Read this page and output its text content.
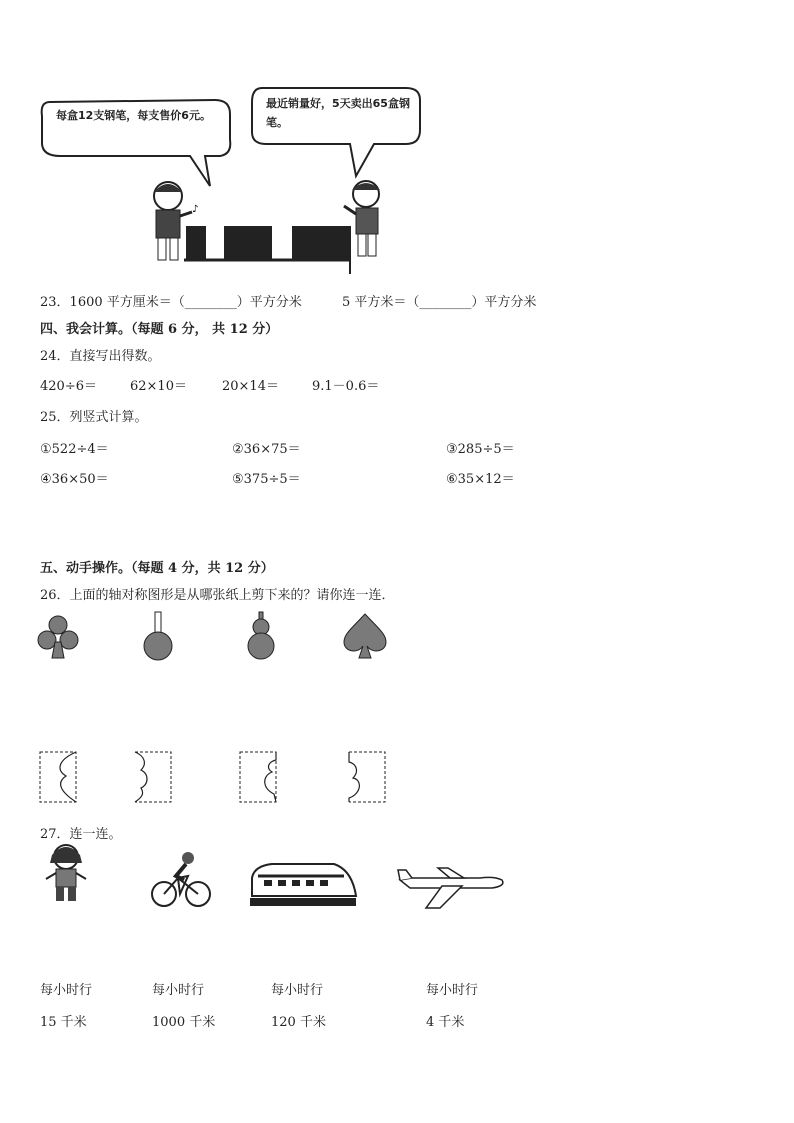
每盒12支钢笔，每支售价6元。
最近销量好，5天卖出65盒钢笔。
♪
23．1600 平方厘米＝（________）平方分米	5 平方米＝（________）平方分米
四、我会计算。（每题 6 分， 共 12 分）
24．直接写出得数。
420÷6＝	62×10＝	20×14＝	9.1－0.6＝
25．列竖式计算。
①522÷4＝	②36×75＝	③285÷5＝
④36×50＝	⑤375÷5＝	⑥35×12＝
五、动手操作。（每题 4 分，共 12 分）
26．上面的轴对称图形是从哪张纸上剪下来的？请你连一连．
27．连一连。
每小时行
15 千米
每小时行
1000 千米
每小时行
120 千米
每小时行
4 千米
